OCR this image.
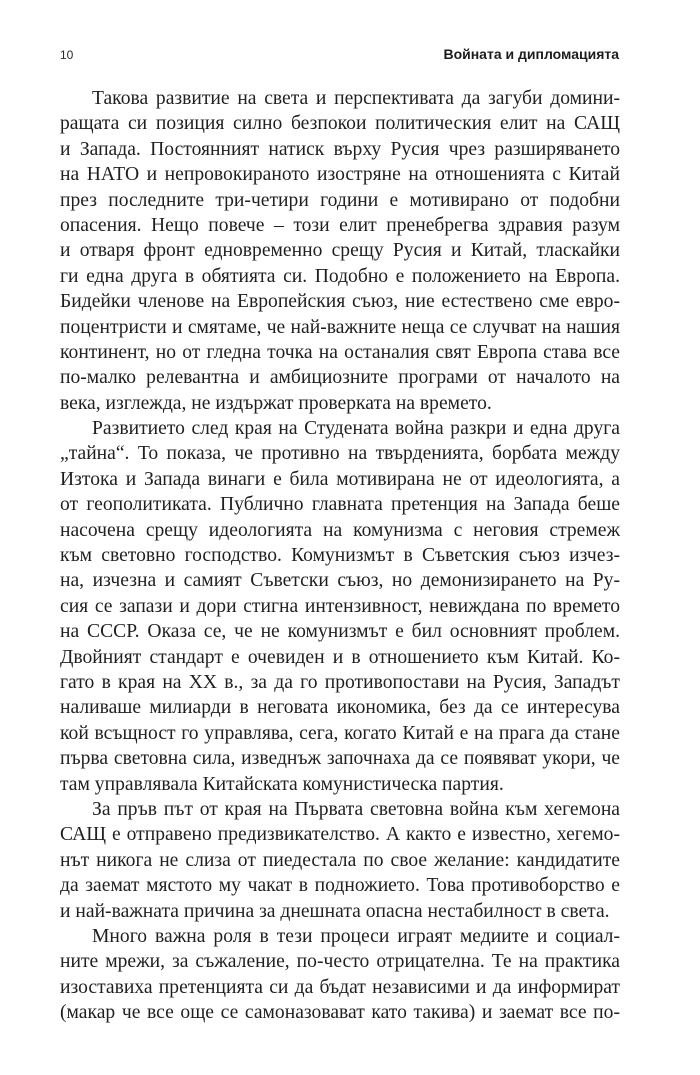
10	Войната и дипломацията
Такова развитие на света и перспективата да загуби домини-
ращата си позиция силно безпокои политическия елит на САЩ
и Запада. Постоянният натиск върху Русия чрез разширяването
на НАТО и непровокираното изостряне на отношенията с Китай
през последните три-четири години е мотивирано от подобни
опасения. Нещо повече – този елит пренебрегва здравия разум
и отваря фронт едновременно срещу Русия и Китай, тласкайки
ги една друга в обятията си. Подобно е положението на Европа.
Бидейки членове на Европейския съюз, ние естествено сме евро-
поцентристи и смятаме, че най-важните неща се случват на нашия
континент, но от гледна точка на останалия свят Европа става все
по-малко релевантна и амбициозните програми от началото на
века, изглежда, не издържат проверката на времето.
Развитието след края на Студената война разкри и една друга
„тайна“. То показа, че противно на твърденията, борбата между
Изтока и Запада винаги е била мотивирана не от идеологията, а
от геополитиката. Публично главната претенция на Запада беше
насочена срещу идеологията на комунизма с неговия стремеж
към световно господство. Комунизмът в Съветския съюз изчез-
на, изчезна и самият Съветски съюз, но демонизирането на Ру-
сия се запази и дори стигна интензивност, невиждана по времето
на СССР. Оказа се, че не комунизмът е бил основният проблем.
Двойният стандарт е очевиден и в отношението към Китай. Ко-
гато в края на XX в., за да го противопостави на Русия, Западът
наливаше милиарди в неговата икономика, без да се интересува
кой всъщност го управлява, сега, когато Китай е на прага да стане
първа световна сила, изведнъж започнаха да се появяват укори, че
там управлявала Китайската комунистическа партия.
За пръв път от края на Първата световна война към хегемона
САЩ е отправено предизвикателство. А както е известно, хегемо-
нът никога не слиза от пиедестала по свое желание: кандидатите
да заемат мястото му чакат в подножието. Това противоборство е
и най-важната причина за днешната опасна нестабилност в света.
Много важна роля в тези процеси играят медиите и социал-
ните мрежи, за съжаление, по-често отрицателна. Те на практика
изоставиха претенцията си да бъдат независими и да информират
(макар че все още се самоназовават като такива) и заемат все по-
